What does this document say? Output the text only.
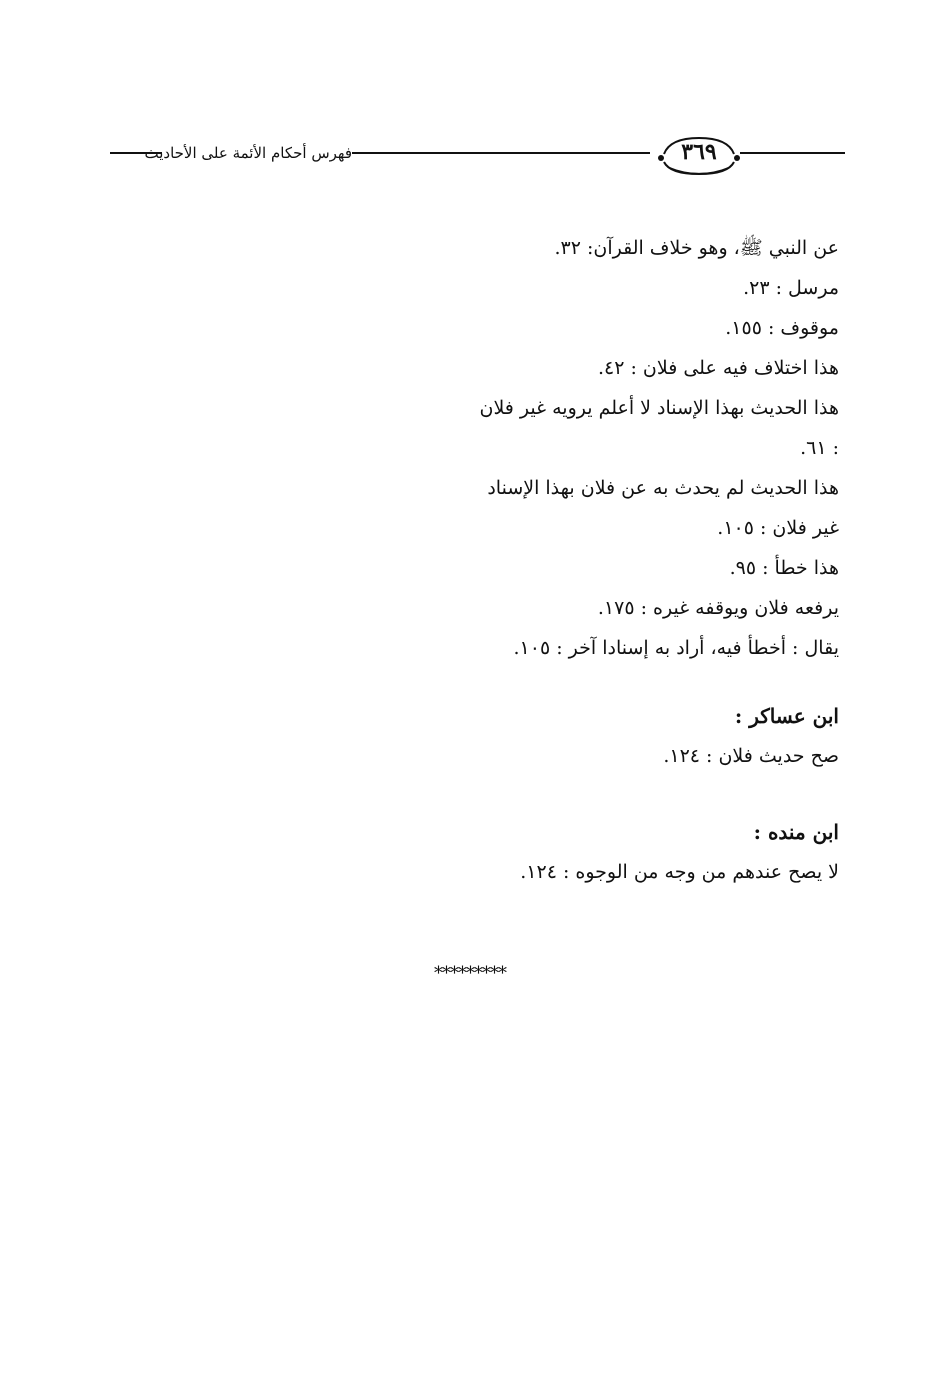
فهرس أحكام الأئمة على الأحاديث	٣٦٩
عن النبي ﷺ، وهو خلاف القرآن: ٣٢.
مرسل : ٢٣.
موقوف : ١٥٥.
هذا اختلاف فيه على فلان : ٤٢.
هذا الحديث بهذا الإسناد لا أعلم يرويه غير فلان
: ٦١.
هذا الحديث لم يحدث به عن فلان بهذا الإسناد
غير فلان : ١٠٥.
هذا خطأ : ٩٥.
يرفعه فلان ويوقفه غيره : ١٧٥.
يقال : أخطأ فيه، أراد به إسنادا آخر : ١٠٥.
ابن عساكر :
صح حديث فلان : ١٢٤.
ابن منده :
لا يصح عندهم من وجه من الوجوه : ١٢٤.
*********
